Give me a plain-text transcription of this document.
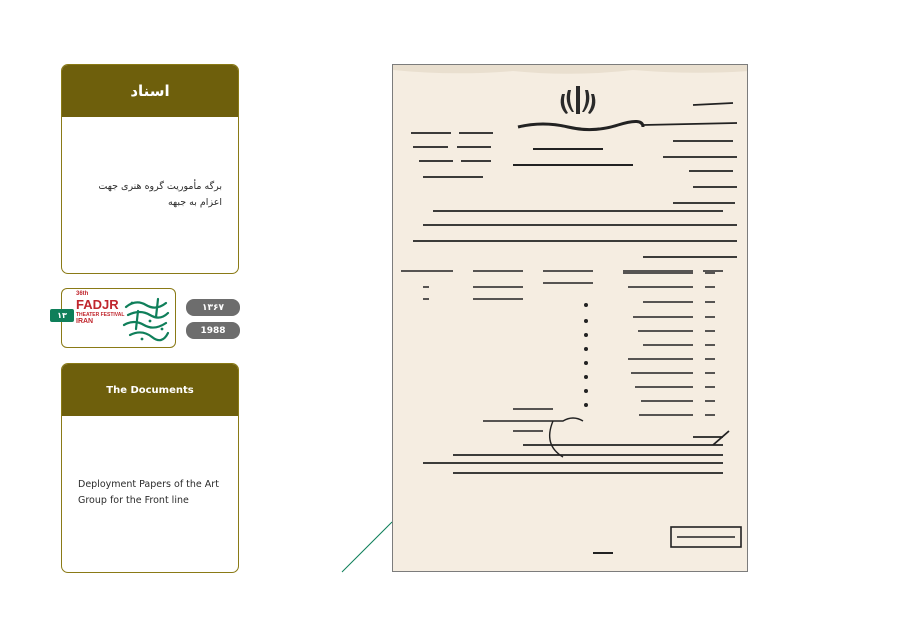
اسناد
برگه مأموریت گروه هنری جهت اعزام به جبهه
۱۳
36th
FADJR
THEATER FESTIVAL
IRAN
۱۳۶۷
1988
The Documents
Deployment Papers of the Art Group for the Front line
